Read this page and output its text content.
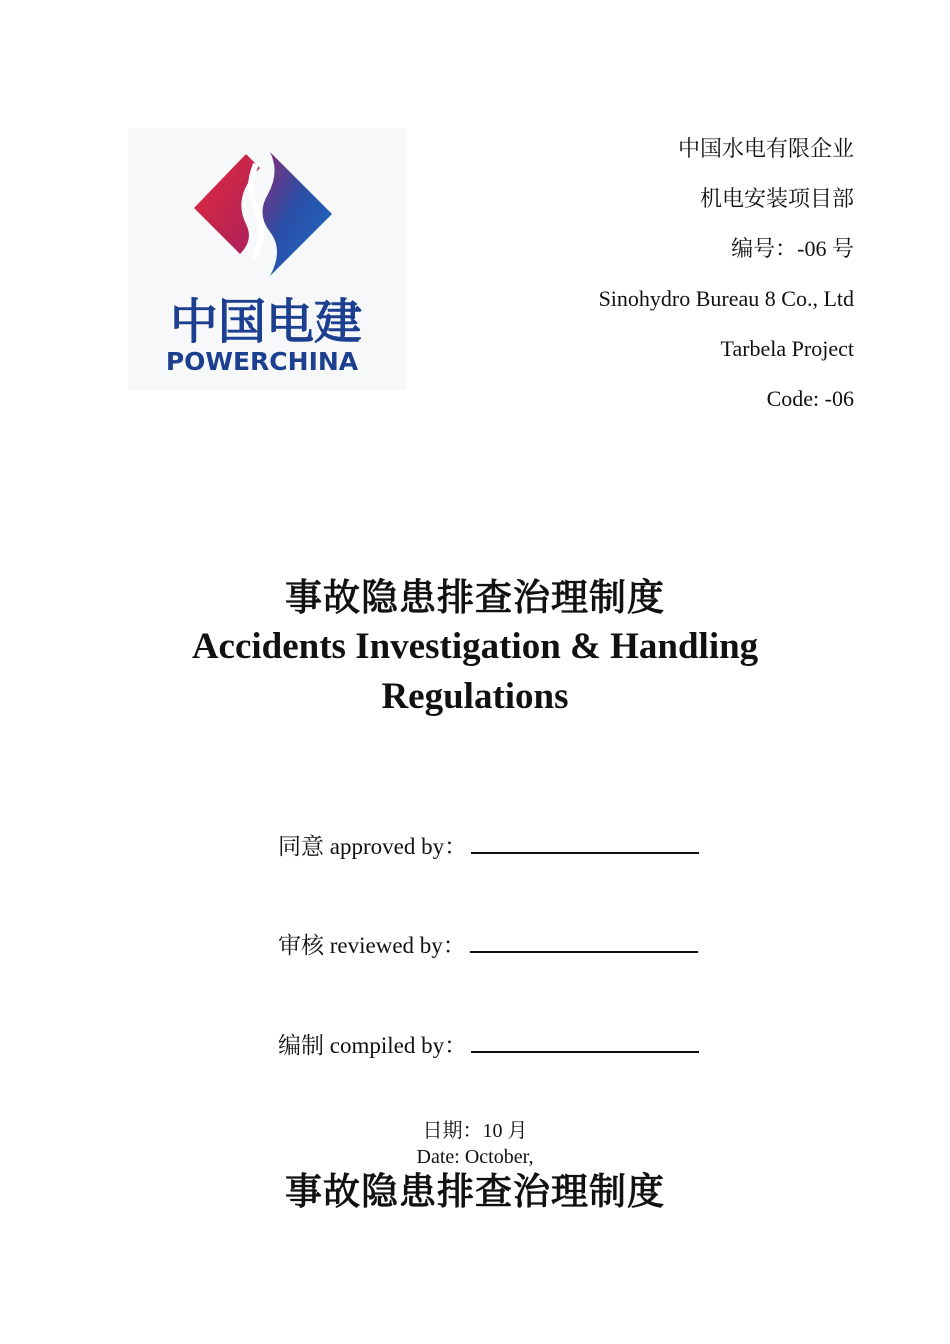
中国电建
POWERCHINA
中国水电有限企业
机电安装项目部
编号：-06 号
Sinohydro Bureau 8 Co., Ltd
Tarbela Project
Code: -06
事故隐患排查治理制度
Accidents Investigation & Handling Regulations
同意 approved by：
审核 reviewed by：
编制 compiled by：
日期：10 月
Date: October,
事故隐患排查治理制度
